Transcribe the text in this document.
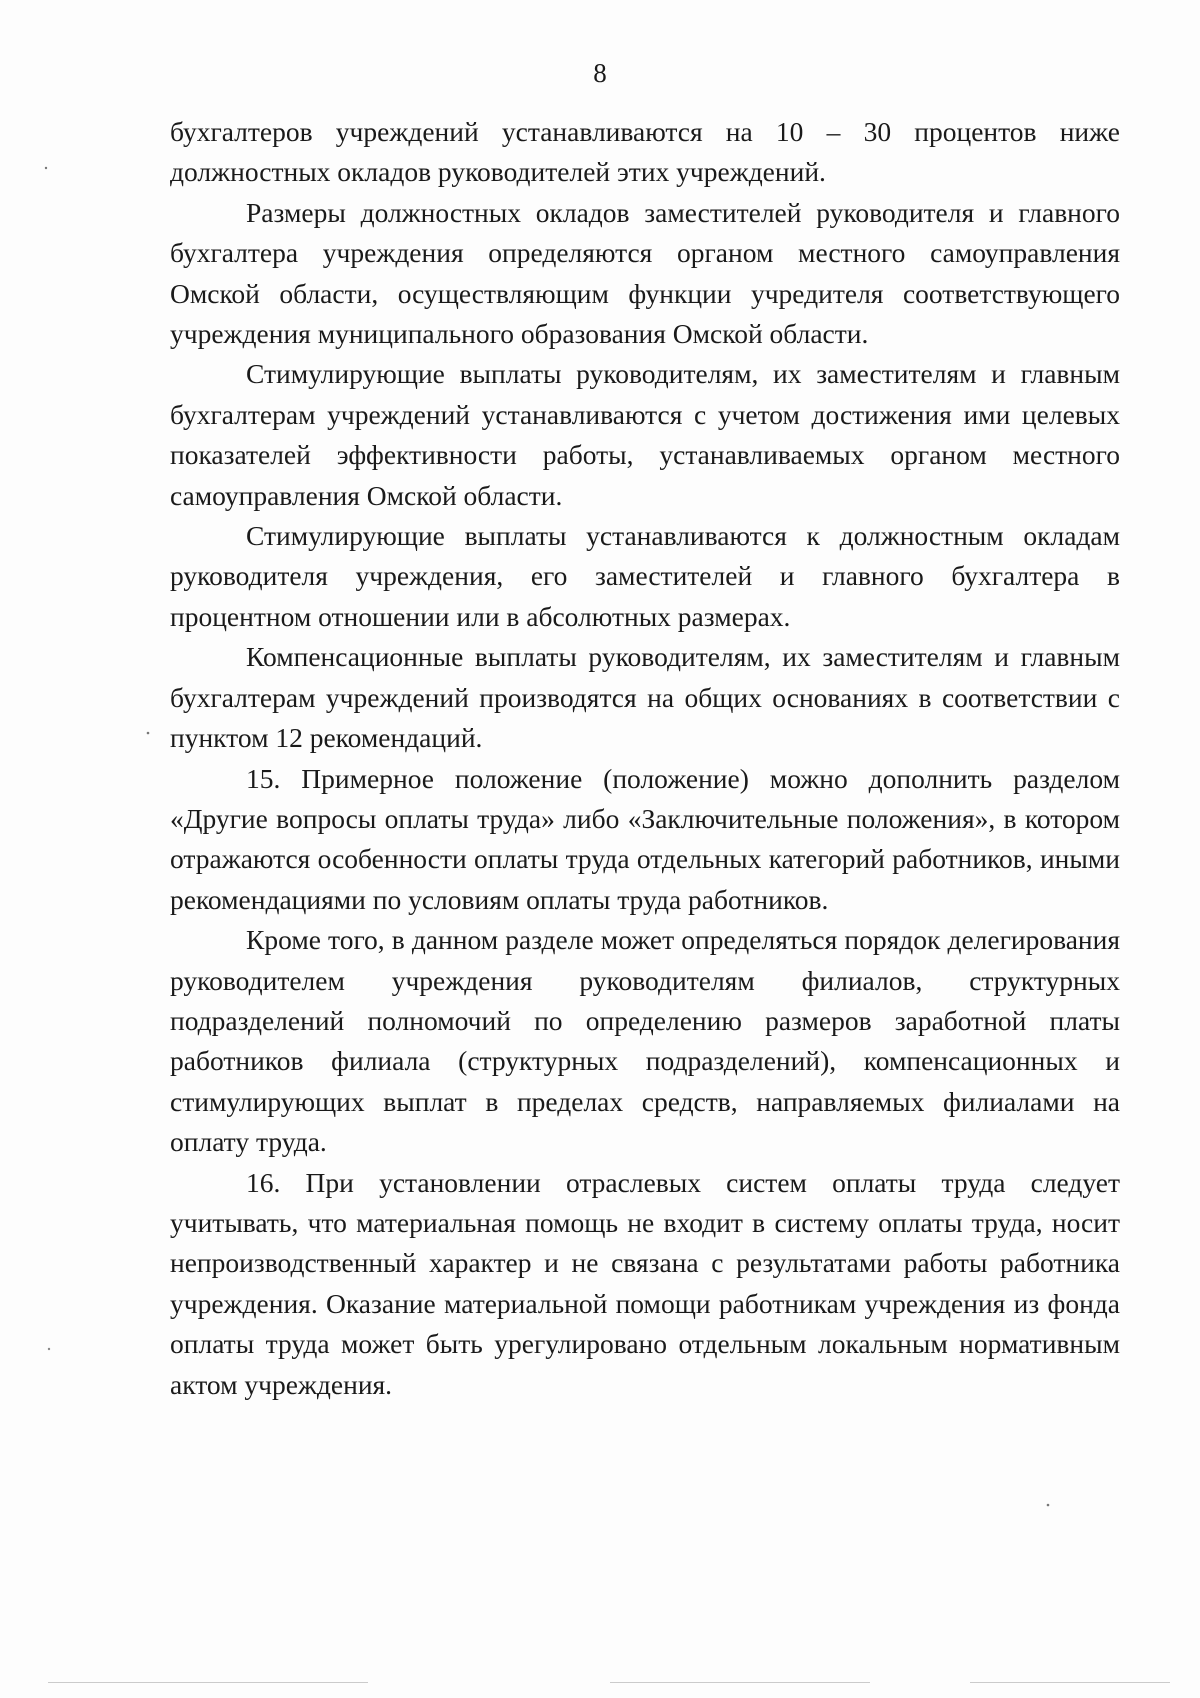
8

бухгалтеров учреждений устанавливаются на 10 – 30 процентов ниже должностных окладов руководителей этих учреждений.

Размеры должностных окладов заместителей руководителя и главного бухгалтера учреждения определяются органом местного самоуправления Омской области, осуществляющим функции учредителя соответствующего учреждения муниципального образования Омской области.

Стимулирующие выплаты руководителям, их заместителям и главным бухгалтерам учреждений устанавливаются с учетом достижения ими целевых показателей эффективности работы, устанавливаемых органом местного самоуправления Омской области.

Стимулирующие выплаты устанавливаются к должностным окладам руководителя учреждения, его заместителей и главного бухгалтера в процентном отношении или в абсолютных размерах.

Компенсационные выплаты руководителям, их заместителям и главным бухгалтерам учреждений производятся на общих основаниях в соответствии с пунктом 12 рекомендаций.

15. Примерное положение (положение) можно дополнить разделом «Другие вопросы оплаты труда» либо «Заключительные положения», в котором отражаются особенности оплаты труда отдельных категорий работников, иными рекомендациями по условиям оплаты труда работников.

Кроме того, в данном разделе может определяться порядок делегирования руководителем учреждения руководителям филиалов, структурных подразделений полномочий по определению размеров заработной платы работников филиала (структурных подразделений), компенсационных и стимулирующих выплат в пределах средств, направляемых филиалами на оплату труда.

16. При установлении отраслевых систем оплаты труда следует учитывать, что материальная помощь не входит в систему оплаты труда, носит непроизводственный характер и не связана с результатами работы работника учреждения. Оказание материальной помощи работникам учреждения из фонда оплаты труда может быть урегулировано отдельным локальным нормативным актом учреждения.
